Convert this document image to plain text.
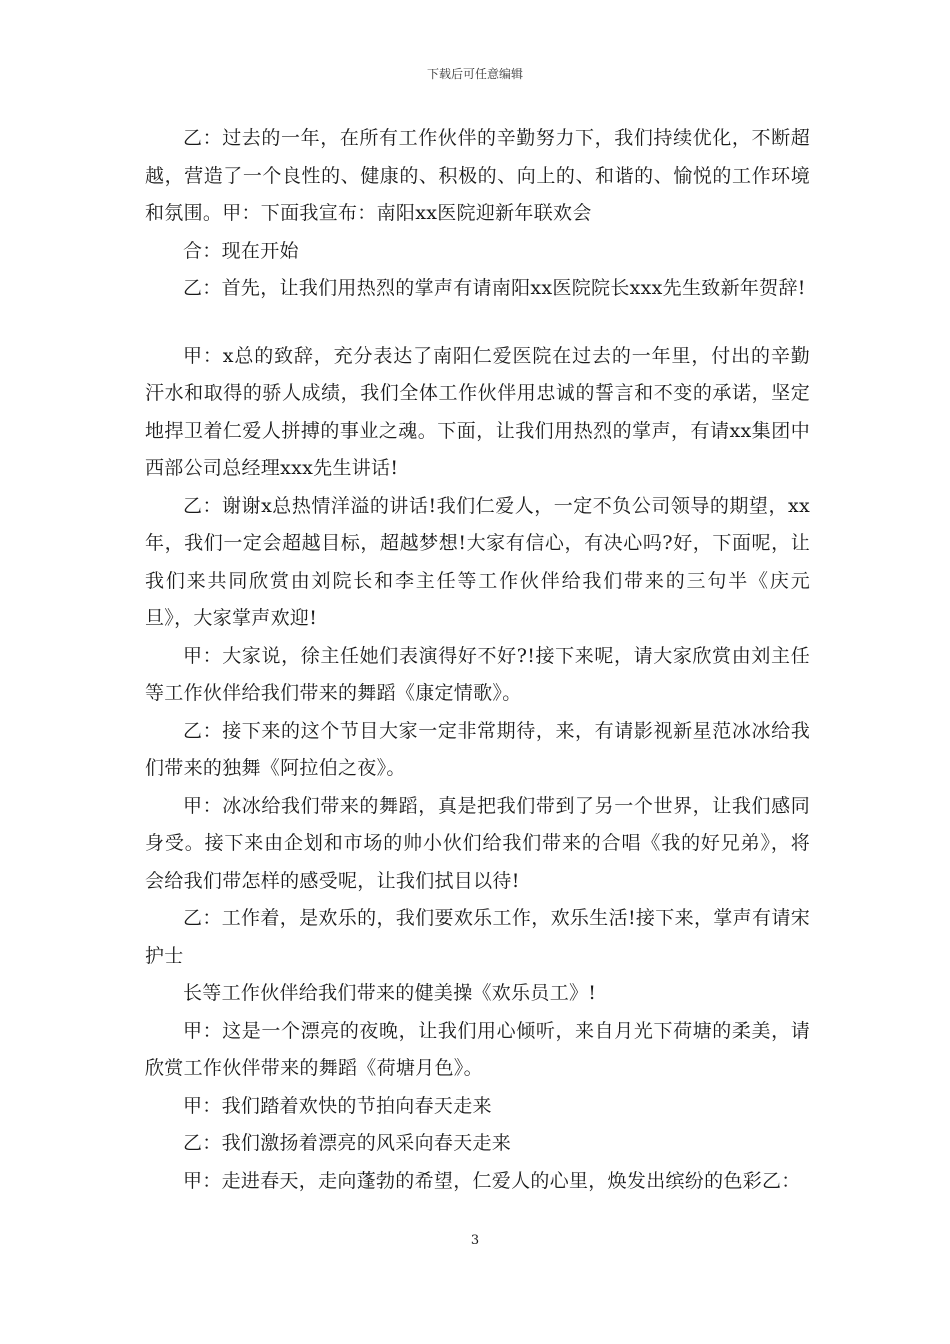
下载后可任意编辑

乙：过去的一年，在所有工作伙伴的辛勤努力下，我们持续优化，不断超越，营造了一个良性的、健康的、积极的、向上的、和谐的、愉悦的工作环境和氛围。甲：下面我宣布：南阳xx医院迎新年联欢会

合：现在开始

乙：首先，让我们用热烈的掌声有请南阳xx医院院长xxx先生致新年贺辞!

甲：x总的致辞，充分表达了南阳仁爱医院在过去的一年里，付出的辛勤汗水和取得的骄人成绩，我们全体工作伙伴用忠诚的誓言和不变的承诺，坚定地捍卫着仁爱人拼搏的事业之魂。下面，让我们用热烈的掌声，有请xx集团中西部公司总经理xxx先生讲话!

乙：谢谢x总热情洋溢的讲话!我们仁爱人，一定不负公司领导的期望，xx年，我们一定会超越目标，超越梦想!大家有信心，有决心吗?好，下面呢，让我们来共同欣赏由刘院长和李主任等工作伙伴给我们带来的三句半《庆元旦》，大家掌声欢迎!

甲：大家说，徐主任她们表演得好不好?!接下来呢，请大家欣赏由刘主任等工作伙伴给我们带来的舞蹈《康定情歌》。

乙：接下来的这个节目大家一定非常期待，来，有请影视新星范冰冰给我们带来的独舞《阿拉伯之夜》。

甲：冰冰给我们带来的舞蹈，真是把我们带到了另一个世界，让我们感同身受。接下来由企划和市场的帅小伙们给我们带来的合唱《我的好兄弟》，将会给我们带怎样的感受呢，让我们拭目以待!

乙：工作着，是欢乐的，我们要欢乐工作，欢乐生活!接下来，掌声有请宋护士

长等工作伙伴给我们带来的健美操《欢乐员工》!

甲：这是一个漂亮的夜晚，让我们用心倾听，来自月光下荷塘的柔美，请欣赏工作伙伴带来的舞蹈《荷塘月色》。

甲：我们踏着欢快的节拍向春天走来

乙：我们激扬着漂亮的风采向春天走来

甲：走进春天，走向蓬勃的希望，仁爱人的心里，焕发出缤纷的色彩乙：

3
